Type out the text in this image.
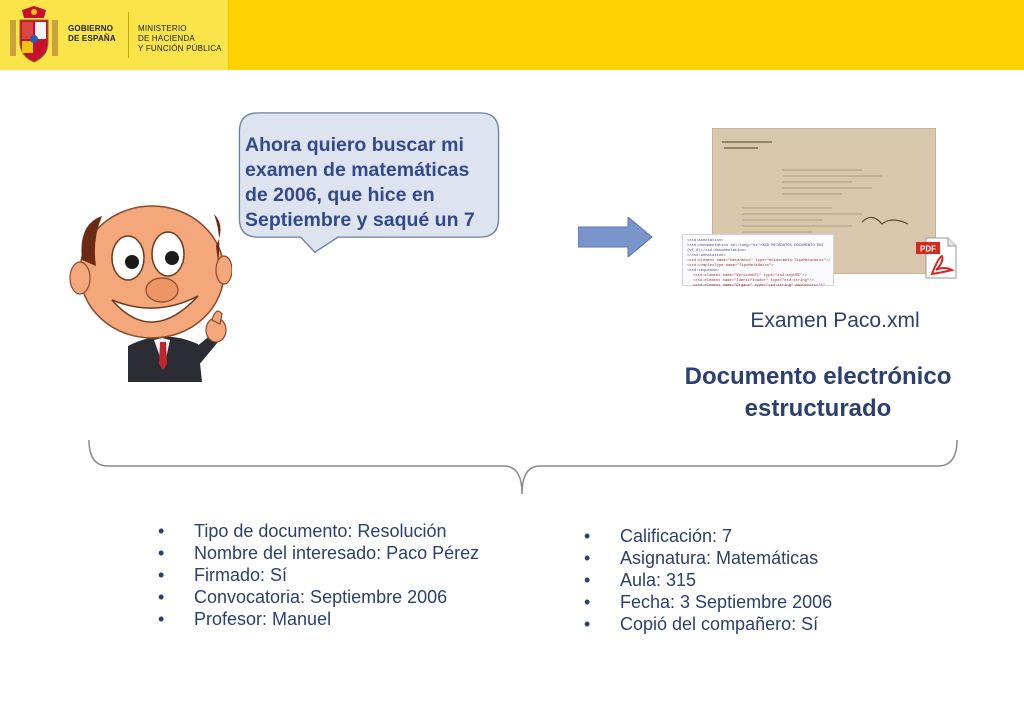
GOBIERNO
DE ESPAÑA
MINISTERIO
DE HACIENDA
Y FUNCIÓN PÚBLICA
Ahora quiero buscar mi
examen de matemáticas
de 2006, que hice en
Septiembre y saqué un 7
<xsd:annotation>
<xsd:documentation xml:lang="es">XSD METADATOS DOCUMENTO ENI
(v1.0)</xsd:documentation>
</xsd:annotation>
<xsd:element name="metadatos" type="enidocmeta:TipoMetadatos"/>
<xsd:complexType name="TipoMetadatos">
<xsd:sequence>
<xsd:element name="VersionNTI" type="xsd:anyURI"/>
<xsd:element name="Identificador" type="xsd:string"/>
<xsd:element name="Organo" type="xsd:string" maxOccurs="1"
PDF
Examen Paco.xml
Documento electrónico
estructurado
• Tipo de documento: Resolución
• Nombre del interesado: Paco Pérez
• Firmado: Sí
• Convocatoria: Septiembre 2006
• Profesor: Manuel
• Calificación: 7
• Asignatura: Matemáticas
• Aula: 315
• Fecha: 3 Septiembre 2006
• Copió del compañero: Sí
